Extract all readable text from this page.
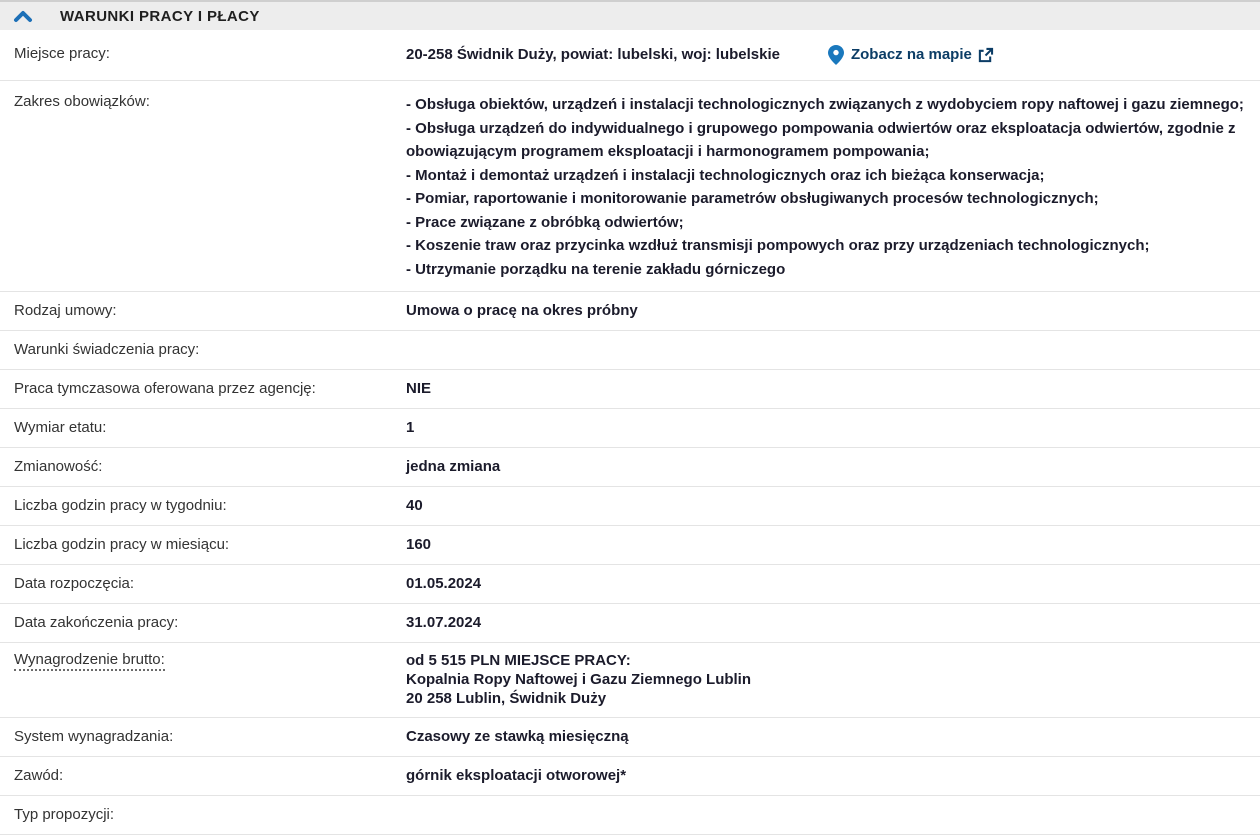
WARUNKI PRACY I PŁACY
Miejsce pracy:	20-258 Świdnik Duży, powiat: lubelski, woj: lubelskie	Zobacz na mapie
Zakres obowiązków:	- Obsługa obiektów, urządzeń i instalacji technologicznych związanych z wydobyciem ropy naftowej i gazu ziemnego;
- Obsługa urządzeń do indywidualnego i grupowego pompowania odwiertów oraz eksploatacja odwiertów, zgodnie z obowiązującym programem eksploatacji i harmonogramem pompowania;
- Montaż i demontaż urządzeń i instalacji technologicznych oraz ich bieżąca konserwacja;
- Pomiar, raportowanie i monitorowanie parametrów obsługiwanych procesów technologicznych;
- Prace związane z obróbką odwiertów;
- Koszenie traw oraz przycinka wzdłuż transmisji pompowych oraz przy urządzeniach technologicznych;
- Utrzymanie porządku na terenie zakładu górniczego
Rodzaj umowy:	Umowa o pracę na okres próbny
Warunki świadczenia pracy:
Praca tymczasowa oferowana przez agencję:	NIE
Wymiar etatu:	1
Zmianowość:	jedna zmiana
Liczba godzin pracy w tygodniu:	40
Liczba godzin pracy w miesiącu:	160
Data rozpoczęcia:	01.05.2024
Data zakończenia pracy:	31.07.2024
Wynagrodzenie brutto:	od 5 515 PLN MIEJSCE PRACY:
Kopalnia Ropy Naftowej i Gazu Ziemnego Lublin
20 258 Lublin, Świdnik Duży
System wynagradzania:	Czasowy ze stawką miesięczną
Zawód:	górnik eksploatacji otworowej*
Typ propozycji:
